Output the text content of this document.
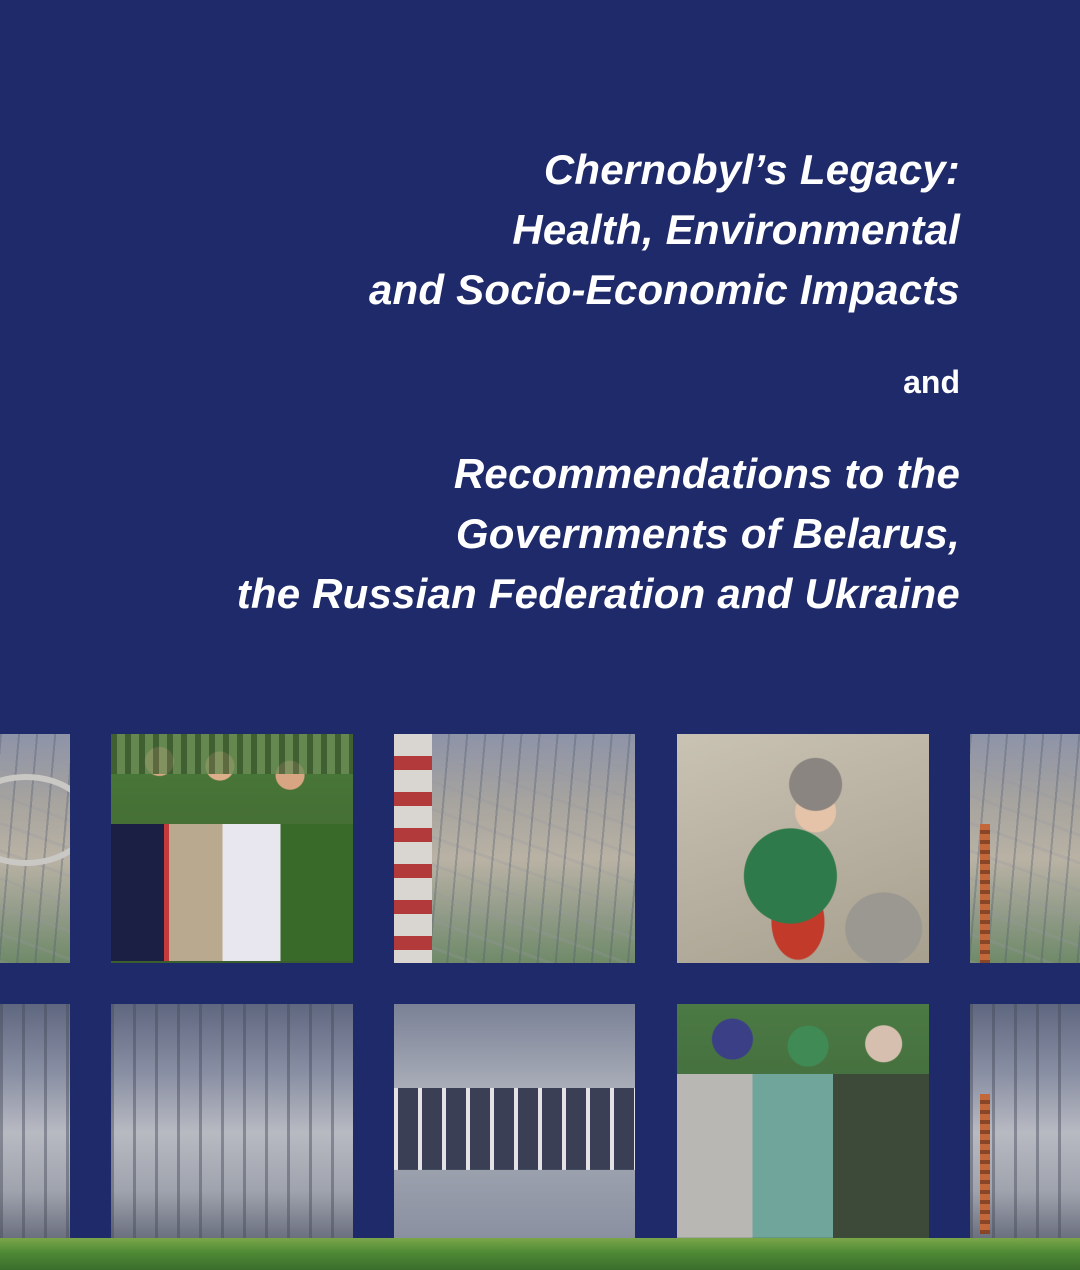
Chernobyl’s Legacy:
Health, Environmental
and Socio-Economic Impacts
and
Recommendations to the
Governments of Belarus,
the Russian Federation and Ukraine
